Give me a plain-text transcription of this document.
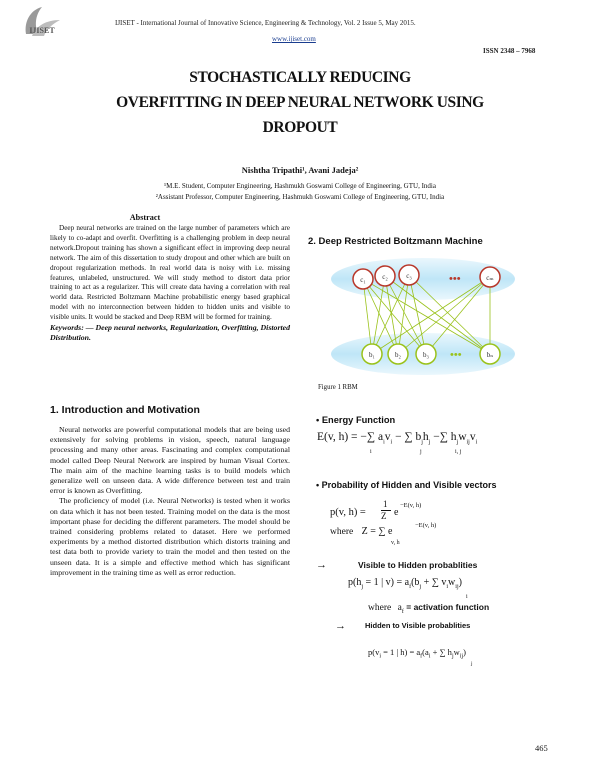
IJISET
IJISET - International Journal of Innovative Science, Engineering & Technology, Vol. 2 Issue 5, May 2015.
www.ijiset.com
ISSN 2348 – 7968
STOCHASTICALLY REDUCING
OVERFITTING IN DEEP NEURAL NETWORK USING
DROPOUT
Nishtha Tripathi¹, Avani Jadeja²
¹M.E. Student, Computer Engineering, Hashmukh Goswami College of Engineering, GTU, India
²Assistant Professor, Computer Engineering, Hashmukh Goswami College of Engineering, GTU, India
Abstract

Deep neural networks are trained on the large number of parameters which are likely to co-adapt and overfit. Overfitting is a challenging problem in deep neural network.Dropout training has shown a significant effect in improving deep neural network. The aim of this dissertation to study dropout and other which are built on dropout regularization methods. In real world data is noisy with i.e. missing features, unlabeled, unstructured. We will study method to distort data prior training to act as a regularizer. This will create data having a correlation with real world data. Restricted Boltzmann Machine probabilistic energy based graphical model with no interconnection between hidden to hidden units and visible to visible units. It would be stacked and Deep RBM will be formed for training.

Keywords: — Deep neural networks, Regularization, Overfitting, Distorted Distribution.
1. Introduction and Motivation

Neural networks are powerful computational models that are being used extensively for solving problems in vision, speech, natural language processing and many other areas. Fascinating and complex computational model called Deep Neural Network are inspired by human Visual Cortex. The main aim of the machine learning tasks is to build models which generalize well on unseen data. A wide difference between test and train error is known as Overfitting.

The proficiency of model (i.e. Neural Networks) is tested when it works on data which it has not been tested. Training model on the data is the most important phase for deciding the different parameters. The model should be trained considering problems related to dataset. Here we performed experiments by a method distorted distribution which distorts training and test data both to provide variety to train the model and then tested on the unseen data. It is a simple and effective method which has significant improvement in the training time as well as error reduction.

2. Deep Restricted Boltzmann Machine
c₁ c₂	c₃	cₘ
b₁	b₂	b₃	bₙ
•••
•••
Figure 1 RBM
• Energy Function
E(v, h) = −∑ $a_iv_i$ − ∑ $b_jh_j$ −∑ $h_jw_{ij}v_i$
i	j	i, j
• Probability of Hidden and Visible vectors
p(v, h) =
1
Z e
−E(v, h)
where Z = ∑ e
−E(v, h)
v, h
→	Visible to Hidden probablities
$p(h_j = 1$ | $v) = a_f(b_j$ + ∑ $v_iw_{ij}$)
i
where $a_f$ = activation function
→	Hidden to Visible probablities
$p(v_i = 1$ | $h) = a_f(a_i$ + ∑ $h_jw_{ij}$)
j
465
